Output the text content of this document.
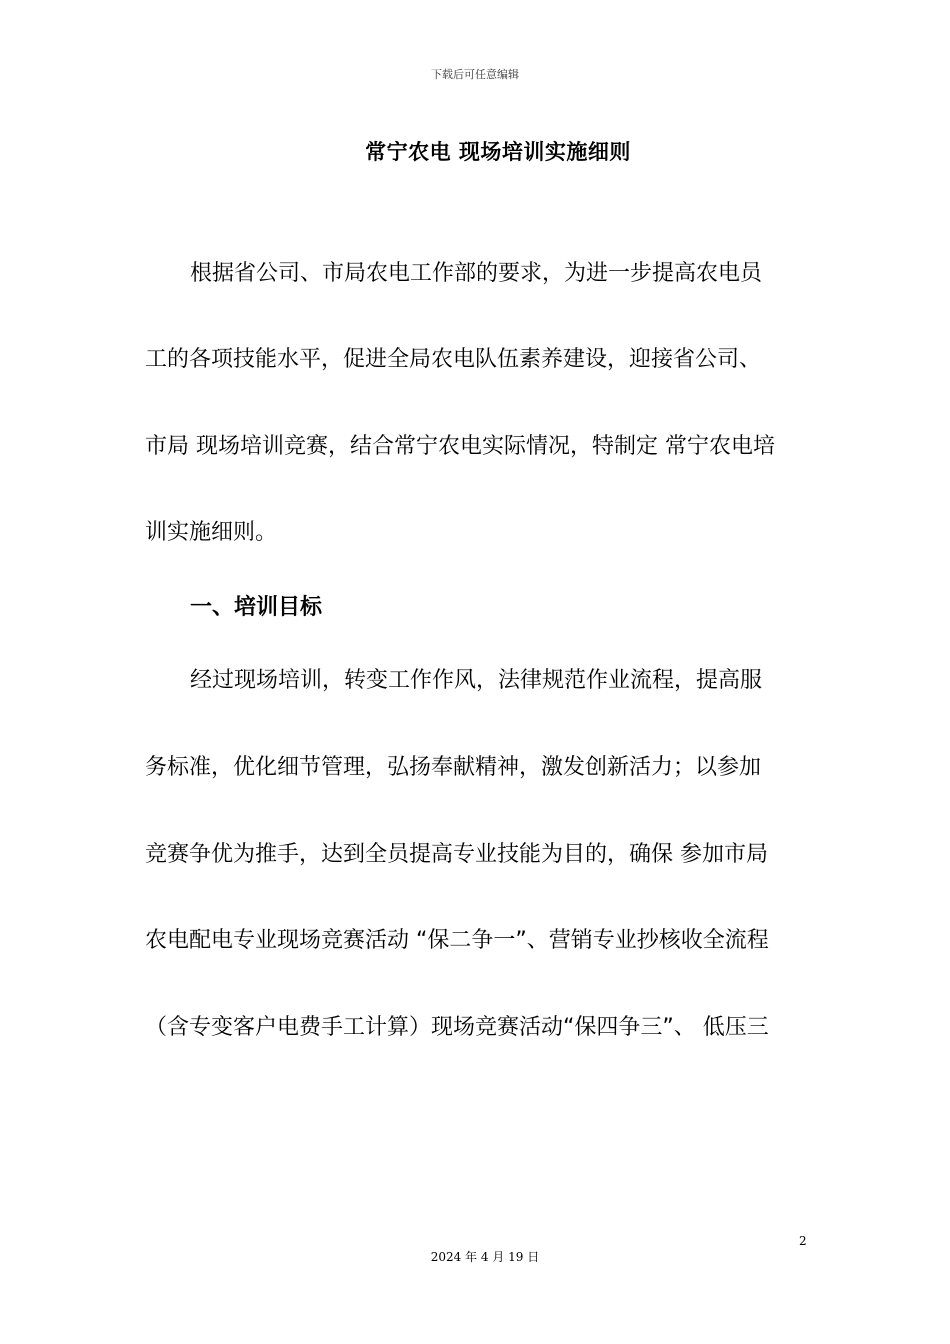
下载后可任意编辑
常宁农电 现场培训实施细则
根据省公司、市局农电工作部的要求，为进一步提高农电员
工的各项技能水平，促进全局农电队伍素养建设，迎接省公司、
市局 现场培训竞赛，结合常宁农电实际情况，特制定 常宁农电培
训实施细则。
一、培训目标
经过现场培训，转变工作作风，法律规范作业流程，提高服
务标准，优化细节管理，弘扬奉献精神，激发创新活力；以参加
竞赛争优为推手，达到全员提高专业技能为目的，确保 参加市局
农电配电专业现场竞赛活动 “保二争一”、营销专业抄核收全流程
（含专变客户电费手工计算）现场竞赛活动“保四争三”、 低压三
2
2024 年 4 月 19 日
